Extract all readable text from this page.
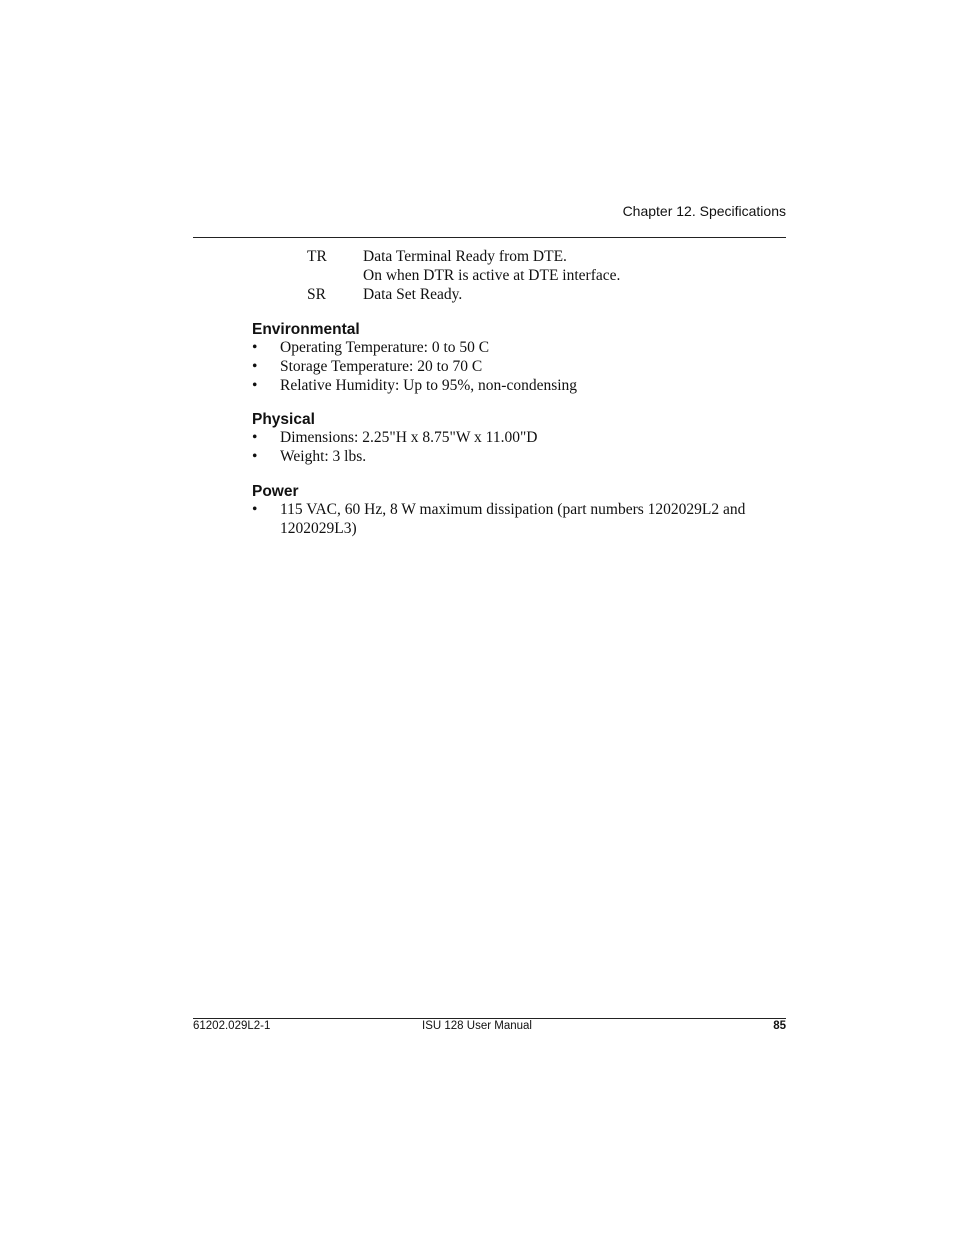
Chapter 12. Specifications
TR Data Terminal Ready from DTE.
On when DTR is active at DTE interface.
SR Data Set Ready.
Environmental
• Operating Temperature: 0 to 50 C
• Storage Temperature: 20 to 70 C
• Relative Humidity: Up to 95%, non-condensing
Physical
• Dimensions: 2.25"H x 8.75"W x 11.00"D
• Weight: 3 lbs.
Power
• 115 VAC, 60 Hz, 8 W maximum dissipation (part numbers 1202029L2 and 1202029L3)
61202.029L2-1	ISU 128 User Manual	85
